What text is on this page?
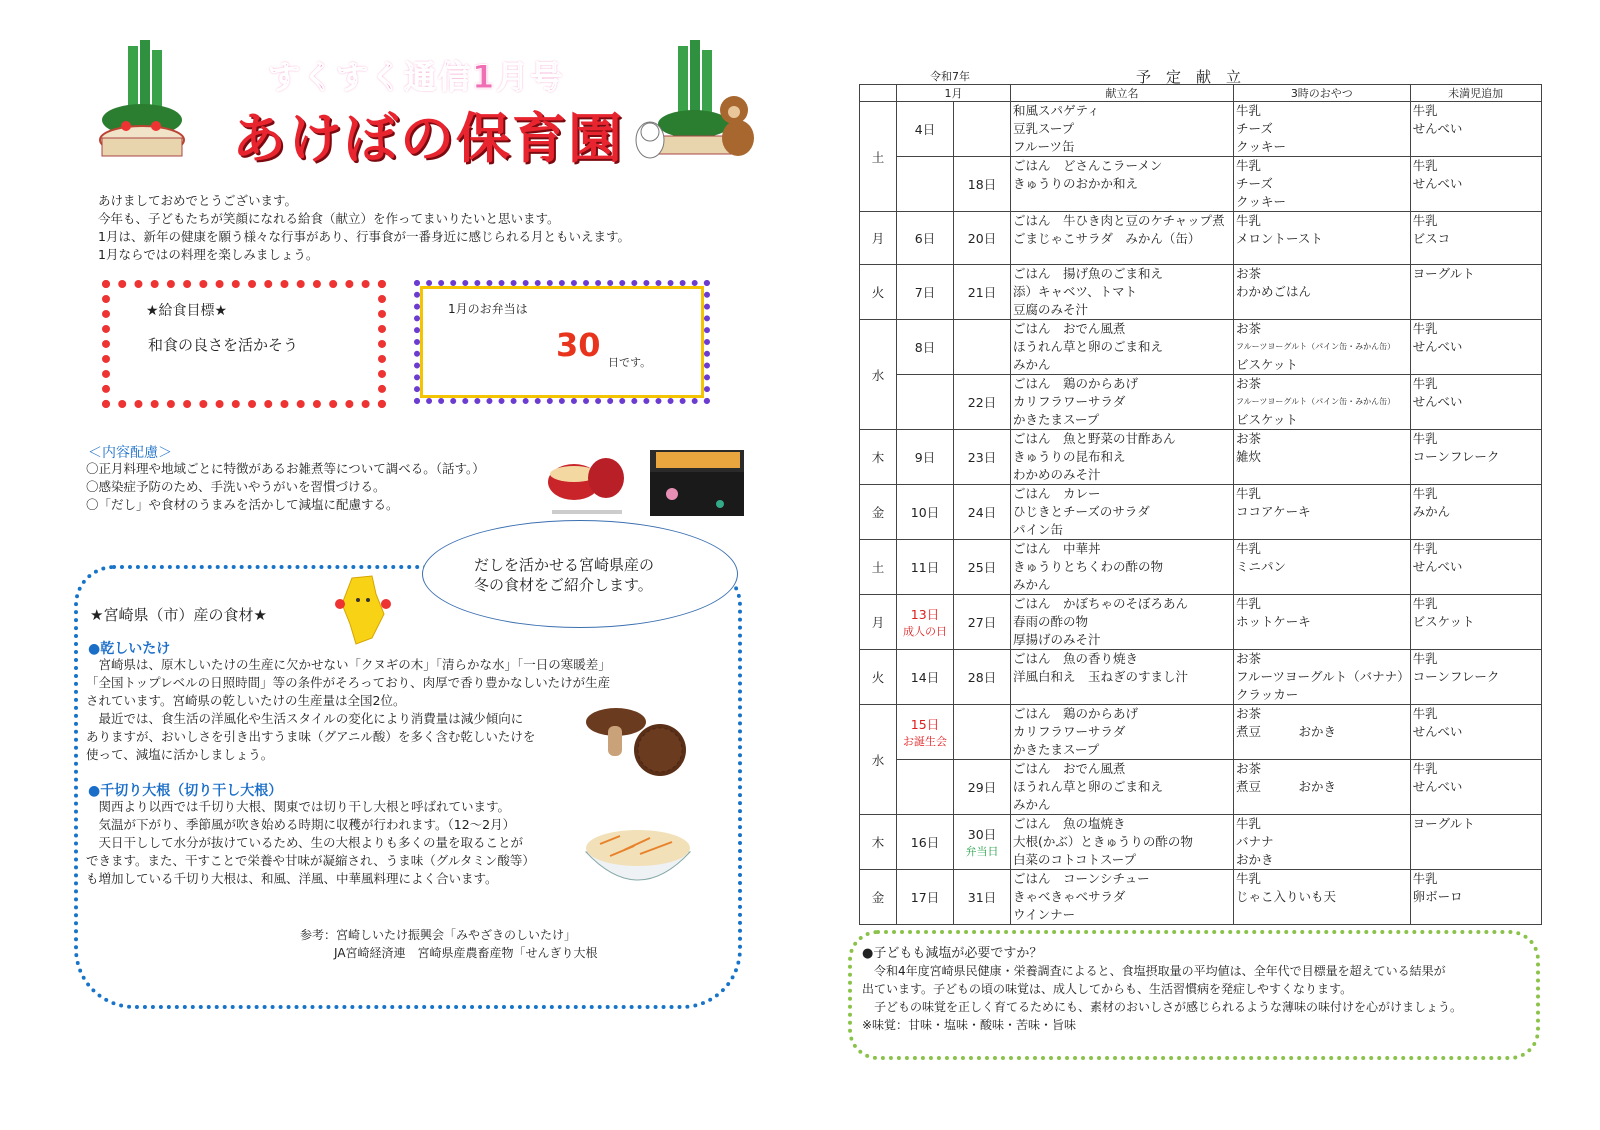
すくすく通信1月号
あけぼの保育園
あけましておめでとうございます。
今年も、子どもたちが笑顔になれる給食（献立）を作ってまいりたいと思います。
1月は、新年の健康を願う様々な行事があり、行事食が一番身近に感じられる月ともいえます。
1月ならではの料理を楽しみましょう。
★給食目標★
和食の良さを活かそう
1月のお弁当は
30 日です。
＜内容配慮＞
〇正月料理や地域ごとに特徴があるお雑煮等について調べる。（話す。）
〇感染症予防のため、手洗いやうがいを習慣づける。
〇「だし」や食材のうまみを活かして減塩に配慮する。
だしを活かせる宮崎県産の
冬の食材をご紹介します。
★宮崎県（市）産の食材★
●乾しいたけ
　宮崎県は、原木しいたけの生産に欠かせない「クヌギの木」「清らかな水」「一日の寒暖差」
「全国トップレベルの日照時間」等の条件がそろっており、肉厚で香り豊かなしいたけが生産
されています。宮崎県の乾しいたけの生産量は全国2位。
　最近では、食生活の洋風化や生活スタイルの変化により消費量は減少傾向に
ありますが、おいしさを引き出すうま味（グアニル酸）を多く含む乾しいたけを
使って、減塩に活かしましょう。
●千切り大根（切り干し大根）
　関西より以西では千切り大根、関東では切り干し大根と呼ばれています。
　気温が下がり、季節風が吹き始める時期に収穫が行われます。（12～2月）
　天日干しして水分が抜けているため、生の大根よりも多くの量を取ることが
できます。また、干すことで栄養や甘味が凝縮され、うま味（グルタミン酸等）
も増加している千切り大根は、和風、洋風、中華風料理によく合います。
参考：宮崎しいたけ振興会「みやざきのしいたけ」
JA宮崎経済連　宮崎県産農畜産物「せんぎり大根
令和7年	予　定　献　立
	1月		献立名	3時のおやつ	未満児追加
土	4日		和風スパゲティ
豆乳スープ
フルーツ缶	牛乳
チーズ
クッキー	牛乳
せんべい

		18日	ごはん　どさんこラーメン
きゅうりのおかか和え	牛乳
チーズ
クッキー	牛乳
せんべい

月	6日	20日	ごはん　牛ひき肉と豆のケチャップ煮
ごまじゃこサラダ　みかん（缶）	牛乳
メロントースト	牛乳
ビスコ

火	7日	21日	ごはん　揚げ魚のごま和え
添）キャベツ、トマト
豆腐のみそ汁	お茶
わかめごはん	ヨーグルト

水	8日		ごはん　おでん風煮
ほうれん草と卵のごま和え
みかん	お茶
フルーツヨーグルト（パイン缶・みかん缶）
ビスケット	牛乳
せんべい

		22日	ごはん　鶏のからあげ
カリフラワーサラダ
かきたまスープ	お茶
フルーツヨーグルト（パイン缶・みかん缶）
ビスケット	牛乳
せんべい

木	9日	23日	ごはん　魚と野菜の甘酢あん
きゅうりの昆布和え
わかめのみそ汁	お茶
雑炊	牛乳
コーンフレーク

金	10日	24日	ごはん　カレー
ひじきとチーズのサラダ
パイン缶	牛乳
ココアケーキ	牛乳
みかん

土	11日	25日	ごはん　中華丼
きゅうりとちくわの酢の物
みかん	牛乳
ミニパン	牛乳
せんべい

月	13日
成人の日	27日	ごはん　かぼちゃのそぼろあん
春雨の酢の物
厚揚げのみそ汁	牛乳
ホットケーキ	牛乳
ビスケット

火	14日	28日	ごはん　魚の香り焼き
洋風白和え　玉ねぎのすまし汁	お茶
フルーツヨーグルト（バナナ）
クラッカー	牛乳
コーンフレーク

水	15日
お誕生会		ごはん　鶏のからあげ
カリフラワーサラダ
かきたまスープ	お茶
煮豆　　　おかき	牛乳
せんべい

		29日	ごはん　おでん風煮
ほうれん草と卵のごま和え
みかん	お茶
煮豆　　　おかき	牛乳
せんべい

木	16日	30日
弁当日	ごはん　魚の塩焼き
大根(かぶ）ときゅうりの酢の物
白菜のコトコトスープ	牛乳
バナナ
おかき	ヨーグルト

金	17日	31日	ごはん　コーンシチュー
きゃべきゃべサラダ
ウインナー	牛乳
じゃこ入りいも天	牛乳
卵ボーロ
●子どもも減塩が必要ですか？
　令和4年度宮崎県民健康・栄養調査によると、食塩摂取量の平均値は、全年代で目標量を超えている結果が
出ています。子どもの頃の味覚は、成人してからも、生活習慣病を発症しやすくなります。
　子どもの味覚を正しく育てるためにも、素材のおいしさが感じられるような薄味の味付けを心がけましょう。
※味覚：甘味・塩味・酸味・苦味・旨味
